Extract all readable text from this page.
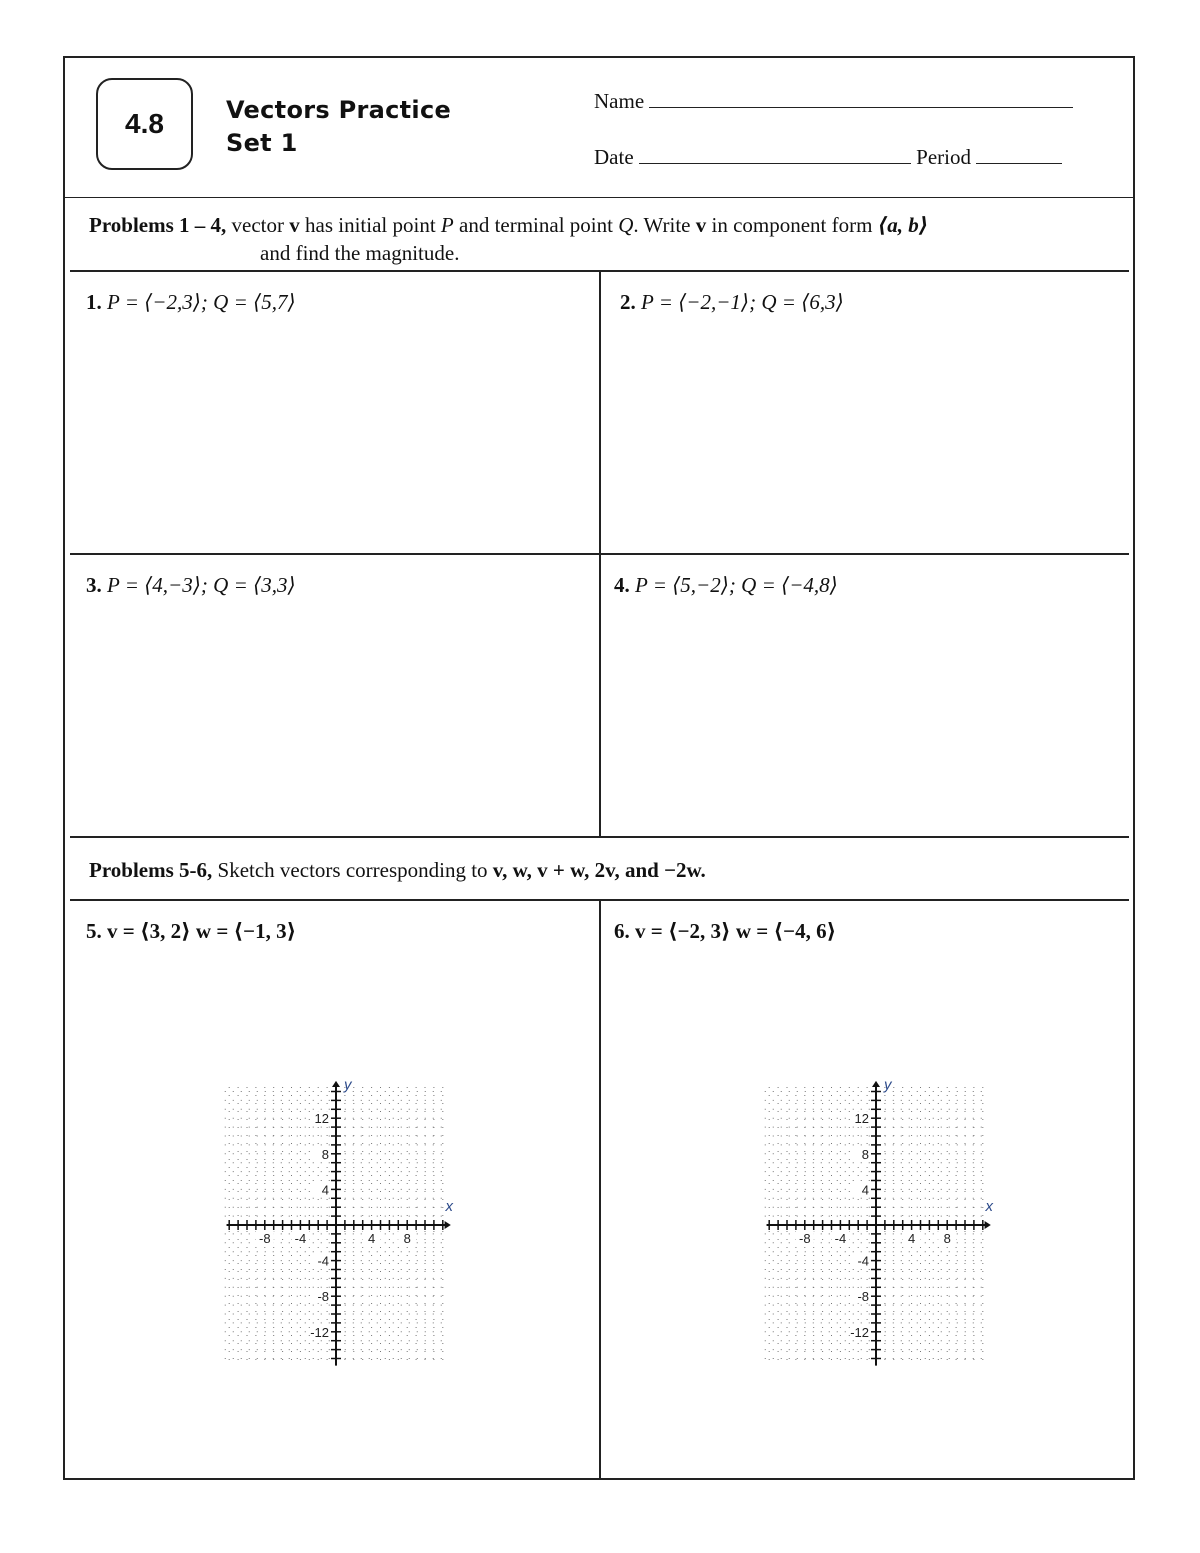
4.8	Vectors Practice
Set 1
Name
Date	Period
Problems 1 – 4, vector v has initial point P and terminal point Q. Write v in component form ⟨a, b⟩
and find the magnitude.
1. P = ⟨−2,3⟩; Q = ⟨5,7⟩	2. P = ⟨−2,−1⟩; Q = ⟨6,3⟩
3. P = ⟨4,−3⟩; Q = ⟨3,3⟩	4. P = ⟨5,−2⟩; Q = ⟨−4,8⟩
Problems 5-6, Sketch vectors corresponding to v, w, v + w, 2v, and −2w.
5. v = ⟨3, 2⟩ w = ⟨−1, 3⟩	6. v = ⟨−2, 3⟩ w = ⟨−4, 6⟩
-8 -4	4 8
12
8
4
-4
-8
-12
x
y
-8 -4	4 8
12
8
4
-4
-8
-12
x
y
